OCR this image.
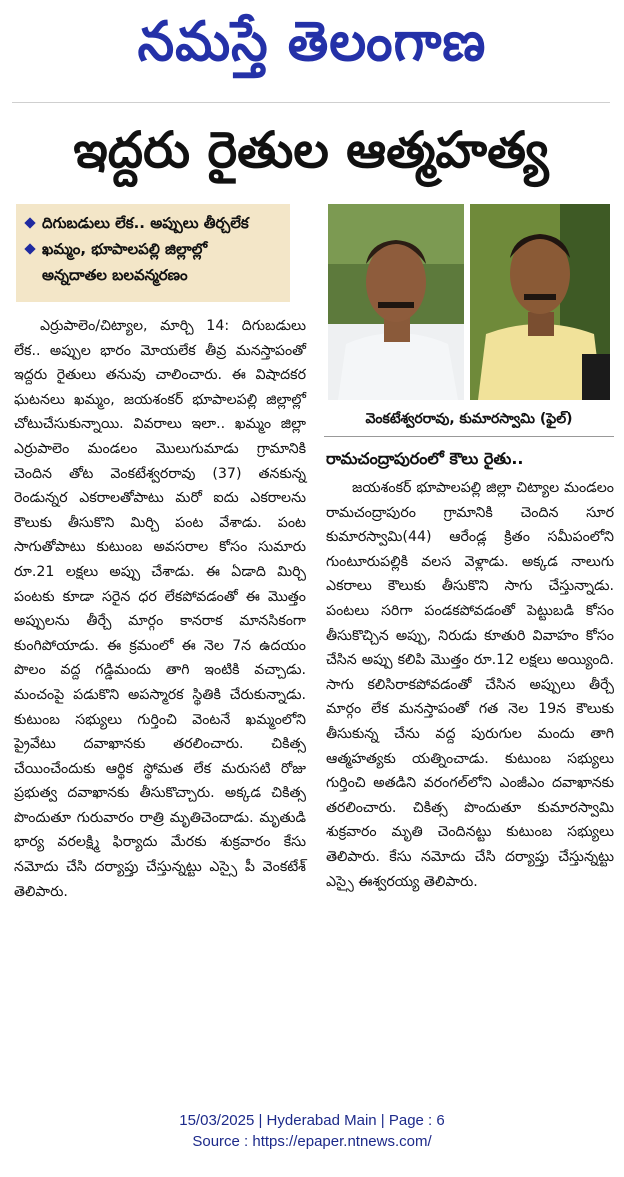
నమస్తే తెలంగాణ
ఇద్దరు రైతుల ఆత్మహత్య
దిగుబడులు లేక.. అప్పులు తీర్చలేక
ఖమ్మం, భూపాలపల్లి జిల్లాల్లో
అన్నదాతల బలవన్మరణం
వెంకటేశ్వరరావు, కుమారస్వామి (ఫైల్)

ఎర్రుపాలెం/చిట్యాల, మార్చి 14: దిగుబడులు లేక.. అప్పుల భారం మోయలేక తీవ్ర మనస్తాపంతో ఇద్దరు రైతులు తనువు చాలించారు. ఈ విషాదకర ఘటనలు ఖమ్మం, జయశంకర్ భూపాలపల్లి జిల్లాల్లో చోటుచేసుకున్నాయి. వివరాలు ఇలా.. ఖమ్మం జిల్లా ఎర్రుపాలెం మండలం మొలుగుమాడు గ్రామానికి చెందిన తోట వెంకటేశ్వరరావు (37) తనకున్న రెండున్నర ఎకరాలతోపాటు మరో ఐదు ఎకరాలను కౌలుకు తీసుకొని మిర్చి పంట వేశాడు. పంట సాగుతోపాటు కుటుంబ అవసరాల కోసం సుమారు రూ.21 లక్షలు అప్పు చేశాడు. ఈ ఏడాది మిర్చి పంటకు కూడా సరైన ధర లేకపోవడంతో ఈ మొత్తం అప్పులను తీర్చే మార్గం కానరాక మానసికంగా కుంగిపోయాడు. ఈ క్రమంలో ఈ నెల 7న ఉదయం పొలం వద్ద గడ్డిమందు తాగి ఇంటికి వచ్చాడు. మంచంపై పడుకొని అపస్మారక స్థితికి చేరుకున్నాడు. కుటుంబ సభ్యులు గుర్తించి వెంటనే ఖమ్మంలోని ప్రైవేటు దవాఖానకు తరలించారు. చికిత్స చేయించేందుకు ఆర్థిక స్థోమత లేక మరుసటి రోజు ప్రభుత్వ దవాఖానకు తీసుకొచ్చారు. అక్కడ చికిత్స పొందుతూ గురువారం రాత్రి మృతిచెందాడు. మృతుడి భార్య వరలక్ష్మి ఫిర్యాదు మేరకు శుక్రవారం కేసు నమోదు చేసి దర్యాప్తు చేస్తున్నట్టు ఎస్సై పీ వెంకటేశ్ తెలిపారు.

రామచంద్రాపురంలో కౌలు రైతు..

జయశంకర్ భూపాలపల్లి జిల్లా చిట్యాల మండలం రామచంద్రాపురం గ్రామానికి చెందిన సూర కుమారస్వామి(44) ఆరేండ్ల క్రితం సమీపంలోని గుంటూరుపల్లికి వలస వెళ్లాడు. అక్కడ నాలుగు ఎకరాలు కౌలుకు తీసుకొని సాగు చేస్తున్నాడు. పంటలు సరిగా పండకపోవడంతో పెట్టుబడి కోసం తీసుకొచ్చిన అప్పు, నిరుడు కూతురి వివాహం కోసం చేసిన అప్పు కలిపి మొత్తం రూ.12 లక్షలు అయ్యింది. సాగు కలిసిరాకపోవడంతో చేసిన అప్పులు తీర్చే మార్గం లేక మనస్తాపంతో గత నెల 19న కౌలుకు తీసుకున్న చేను వద్ద పురుగుల మందు తాగి ఆత్మహత్యకు యత్నించాడు. కుటుంబ సభ్యులు గుర్తించి అతడిని వరంగల్‌లోని ఎంజీఎం దవాఖానకు తరలించారు. చికిత్స పొందుతూ కుమారస్వామి శుక్రవారం మృతి చెందినట్టు కుటుంబ సభ్యులు తెలిపారు. కేసు నమోదు చేసి దర్యాప్తు చేస్తున్నట్టు ఎస్సై ఈశ్వరయ్య తెలిపారు.

15/03/2025 | Hyderabad Main | Page : 6
Source : https://epaper.ntnews.com/
